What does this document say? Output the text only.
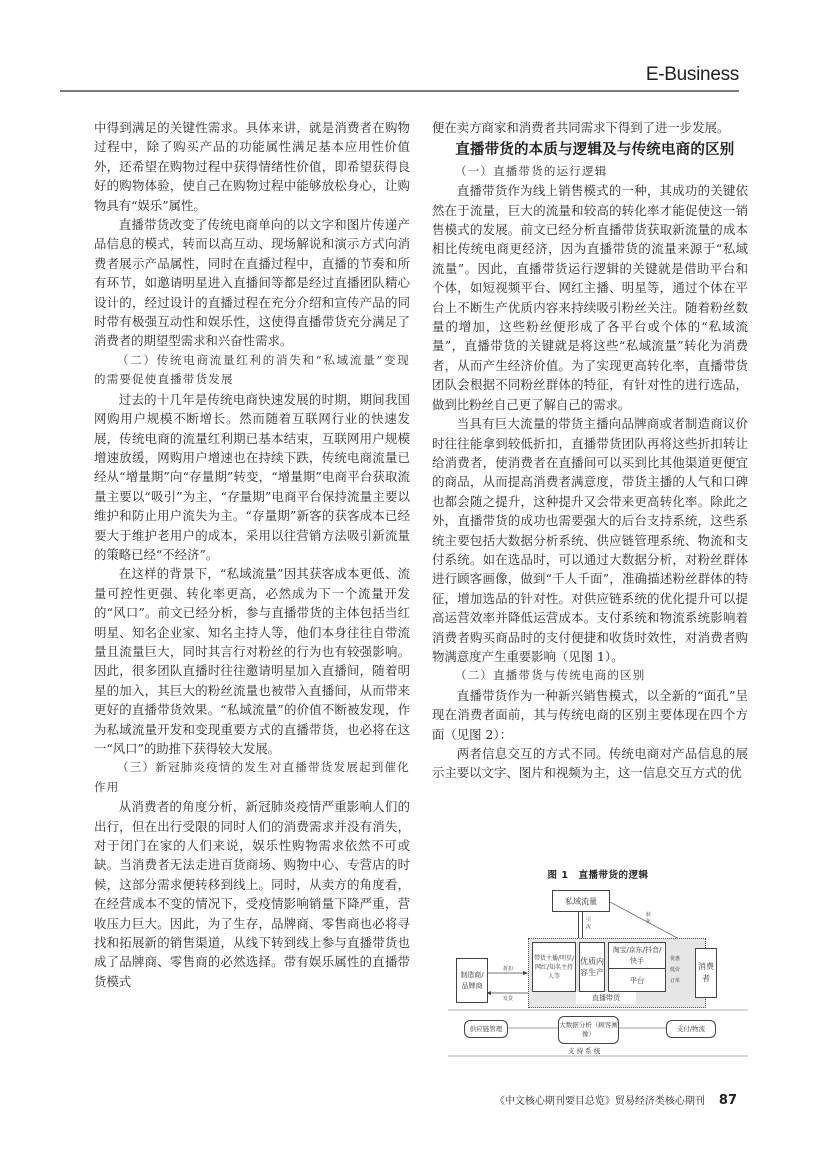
E-Business

中得到满足的关键性需求。具体来讲，就是消费者在购物过程中，除了购买产品的功能属性满足基本应用性价值外，还希望在购物过程中获得情绪性价值，即希望获得良好的购物体验，使自己在购物过程中能够放松身心，让购物具有“娱乐”属性。

直播带货改变了传统电商单向的以文字和图片传递产品信息的模式，转而以高互动、现场解说和演示方式向消费者展示产品属性，同时在直播过程中，直播的节奏和所有环节，如邀请明星进入直播间等都是经过直播团队精心设计的，经过设计的直播过程在充分介绍和宣传产品的同时带有极强互动性和娱乐性，这使得直播带货充分满足了消费者的期望型需求和兴奋性需求。

（二）传统电商流量红利的消失和“私域流量”变现的需要促使直播带货发展

过去的十几年是传统电商快速发展的时期，期间我国网购用户规模不断增长。然而随着互联网行业的快速发展，传统电商的流量红利期已基本结束，互联网用户规模增速放缓，网购用户增速也在持续下跌，传统电商流量已经从“增量期”向“存量期”转变，“增量期”电商平台获取流量主要以“吸引”为主，“存量期”电商平台保持流量主要以维护和防止用户流失为主。“存量期”新客的获客成本已经要大于维护老用户的成本，采用以往营销方法吸引新流量的策略已经“不经济”。

在这样的背景下，“私域流量”因其获客成本更低、流量可控性更强、转化率更高，必然成为下一个流量开发的“风口”。前文已经分析，参与直播带货的主体包括当红明星、知名企业家、知名主持人等，他们本身往往自带流量且流量巨大，同时其言行对粉丝的行为也有较强影响。因此，很多团队直播时往往邀请明星加入直播间，随着明星的加入，其巨大的粉丝流量也被带入直播间，从而带来更好的直播带货效果。“私域流量”的价值不断被发现，作为私域流量开发和变现重要方式的直播带货，也必将在这一“风口”的助推下获得较大发展。

（三）新冠肺炎疫情的发生对直播带货发展起到催化作用

从消费者的角度分析，新冠肺炎疫情严重影响人们的出行，但在出行受限的同时人们的消费需求并没有消失，对于闭门在家的人们来说，娱乐性购物需求依然不可或缺。当消费者无法走进百货商场、购物中心、专营店的时候，这部分需求便转移到线上。同时，从卖方的角度看，在经营成本不变的情况下，受疫情影响销量下降严重，营收压力巨大。因此，为了生存，品牌商、零售商也必将寻找和拓展新的销售渠道，从线下转到线上参与直播带货也成了品牌商、零售商的必然选择。带有娱乐属性的直播带货模式

便在卖方商家和消费者共同需求下得到了进一步发展。

直播带货的本质与逻辑及与传统电商的区别

（一）直播带货的运行逻辑

直播带货作为线上销售模式的一种，其成功的关键依然在于流量，巨大的流量和较高的转化率才能促使这一销售模式的发展。前文已经分析直播带货获取新流量的成本相比传统电商更经济，因为直播带货的流量来源于“私域流量”。因此，直播带货运行逻辑的关键就是借助平台和个体，如短视频平台、网红主播、明星等，通过个体在平台上不断生产优质内容来持续吸引粉丝关注。随着粉丝数量的增加，这些粉丝便形成了各平台或个体的“私域流量”，直播带货的关键就是将这些“私域流量”转化为消费者，从而产生经济价值。为了实现更高转化率，直播带货团队会根据不同粉丝群体的特征，有针对性的进行选品，做到比粉丝自己更了解自己的需求。

当具有巨大流量的带货主播向品牌商或者制造商议价时往往能拿到较低折扣，直播带货团队再将这些折扣转让给消费者，使消费者在直播间可以买到比其他渠道更便宜的商品，从而提高消费者满意度，带货主播的人气和口碑也都会随之提升，这种提升又会带来更高转化率。除此之外，直播带货的成功也需要强大的后台支持系统，这些系统主要包括大数据分析系统、供应链管理系统、物流和支付系统。如在选品时，可以通过大数据分析，对粉丝群体进行顾客画像，做到“千人千面”，准确描述粉丝群体的特征，增加选品的针对性。对供应链系统的优化提升可以提高运营效率并降低运营成本。支付系统和物流系统影响着消费者购买商品时的支付便捷和收货时效性，对消费者购物满意度产生重要影响（见图 1）。

（二）直播带货与传统电商的区别

直播带货作为一种新兴销售模式，以全新的“面孔”呈现在消费者面前，其与传统电商的区别主要体现在四个方面（见图 2）：

两者信息交互的方式不同。传统电商对产品信息的展示主要以文字、图片和视频为主，这一信息交互方式的优

图 1　直播带货的逻辑
私域流量
引流
转化
制造商/品牌商
折扣
发货
带货主播/明星/网红/知名主持人等
优质内容生产
淘宝/京东/抖音/快手
平台
直播带货
优惠
低价
订单
消费者
供应链管理	大数据分析（顾客画像）
支付/物流
支 持 系 统
《中文核心期刊要目总览》贸易经济类核心期刊 87
